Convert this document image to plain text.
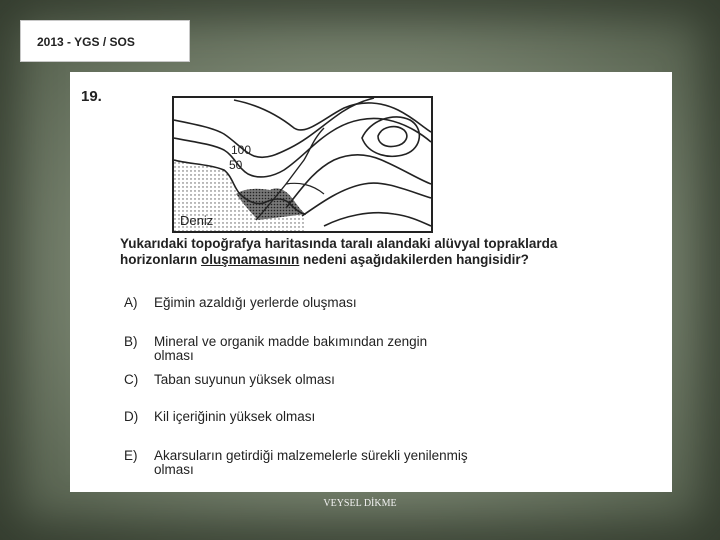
2013 - YGS / SOS
19.
100
50
Deniz
Yukarıdaki topoğrafya haritasında taralı alandaki alüvyal topraklarda horizonların oluşmamasının nedeni aşağıdakilerden hangisidir?
A) Eğimin azaldığı yerlerde oluşması
B) Mineral ve organik madde bakımından zengin
olması
C) Taban suyunun yüksek olması
D) Kil içeriğinin yüksek olması
E) Akarsuların getirdiği malzemelerle sürekli yenilenmiş
olması
VEYSEL DİKME
